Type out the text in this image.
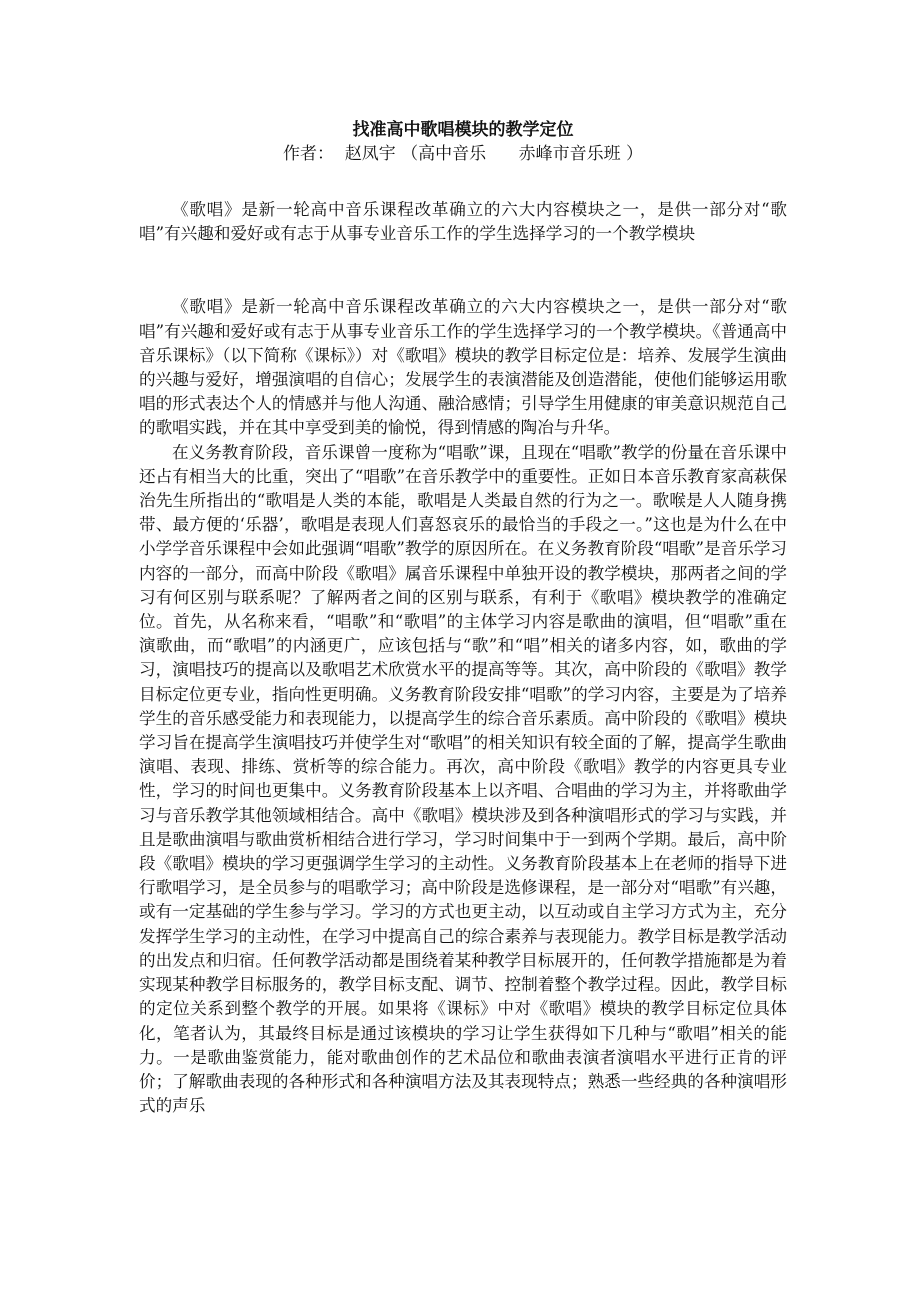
找准高中歌唱模块的教学定位

作者：  赵凤宇 （高中音乐      赤峰市音乐班 ）

《歌唱》是新一轮高中音乐课程改革确立的六大内容模块之一，是供一部分对“歌唱”有兴趣和爱好或有志于从事专业音乐工作的学生选择学习的一个教学模块

《歌唱》是新一轮高中音乐课程改革确立的六大内容模块之一，是供一部分对“歌唱”有兴趣和爱好或有志于从事专业音乐工作的学生选择学习的一个教学模块。《普通高中音乐课标》（以下简称《课标》）对《歌唱》模块的教学目标定位是：培养、发展学生演曲的兴趣与爱好，增强演唱的自信心；发展学生的表演潜能及创造潜能，使他们能够运用歌唱的形式表达个人的情感并与他人沟通、融洽感情；引导学生用健康的审美意识规范自己的歌唱实践，并在其中享受到美的愉悦，得到情感的陶冶与升华。

在义务教育阶段，音乐课曾一度称为“唱歌”课，且现在“唱歌”教学的份量在音乐课中还占有相当大的比重，突出了“唱歌”在音乐教学中的重要性。正如日本音乐教育家高萩保治先生所指出的“歌唱是人类的本能，歌唱是人类最自然的行为之一。歌喉是人人随身携带、最方便的‘乐器’，歌唱是表现人们喜怒哀乐的最恰当的手段之一。”这也是为什么在中小学学音乐课程中会如此强调“唱歌”教学的原因所在。在义务教育阶段“唱歌”是音乐学习内容的一部分，而高中阶段《歌唱》属音乐课程中单独开设的教学模块，那两者之间的学习有何区别与联系呢？了解两者之间的区别与联系，有利于《歌唱》模块教学的准确定位。首先，从名称来看，“唱歌”和“歌唱”的主体学习内容是歌曲的演唱，但“唱歌”重在演歌曲，而“歌唱”的内涵更广，应该包括与“歌”和“唱”相关的诸多内容，如，歌曲的学习，演唱技巧的提高以及歌唱艺术欣赏水平的提高等等。其次，高中阶段的《歌唱》教学目标定位更专业，指向性更明确。义务教育阶段安排“唱歌”的学习内容，主要是为了培养学生的音乐感受能力和表现能力，以提高学生的综合音乐素质。高中阶段的《歌唱》模块学习旨在提高学生演唱技巧并使学生对“歌唱”的相关知识有较全面的了解，提高学生歌曲演唱、表现、排练、赏析等的综合能力。再次，高中阶段《歌唱》教学的内容更具专业性，学习的时间也更集中。义务教育阶段基本上以齐唱、合唱曲的学习为主，并将歌曲学习与音乐教学其他领域相结合。高中《歌唱》模块涉及到各种演唱形式的学习与实践，并且是歌曲演唱与歌曲赏析相结合进行学习，学习时间集中于一到两个学期。最后，高中阶段《歌唱》模块的学习更强调学生学习的主动性。义务教育阶段基本上在老师的指导下进行歌唱学习，是全员参与的唱歌学习；高中阶段是选修课程，是一部分对“唱歌”有兴趣，或有一定基础的学生参与学习。学习的方式也更主动，以互动或自主学习方式为主，充分发挥学生学习的主动性，在学习中提高自己的综合素养与表现能力。教学目标是教学活动的出发点和归宿。任何教学活动都是围绕着某种教学目标展开的，任何教学措施都是为着实现某种教学目标服务的，教学目标支配、调节、控制着整个教学过程。因此，教学目标的定位关系到整个教学的开展。如果将《课标》中对《歌唱》模块的教学目标定位具体化，笔者认为，其最终目标是通过该模块的学习让学生获得如下几种与“歌唱”相关的能力。一是歌曲鉴赏能力，能对歌曲创作的艺术品位和歌曲表演者演唱水平进行正肯的评价；了解歌曲表现的各种形式和各种演唱方法及其表现特点；熟悉一些经典的各种演唱形式的声乐
